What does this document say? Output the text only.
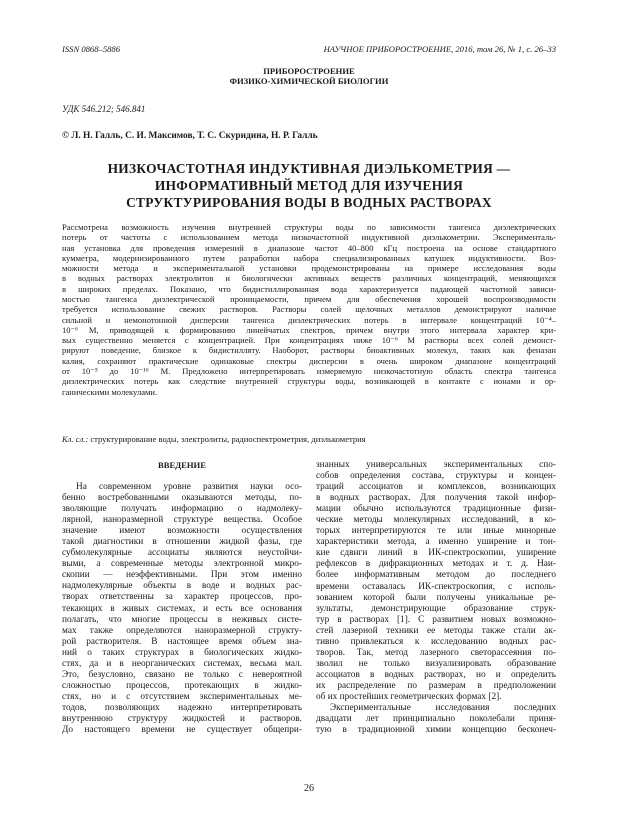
ISSN 0868–5886	НАУЧНОЕ ПРИБОРОСТРОЕНИЕ, 2016, том 26, № 1, с. 26–33
ПРИБОРОСТРОЕНИЕ
ФИЗИКО-ХИМИЧЕСКОЙ БИОЛОГИИ
УДК 546.212; 546.841
© Л. Н. Галль, С. И. Максимов, Т. С. Скуридина, Н. Р. Галль
НИЗКОЧАСТОТНАЯ ИНДУКТИВНАЯ ДИЭЛЬКОМЕТРИЯ —
ИНФОРМАТИВНЫЙ МЕТОД ДЛЯ ИЗУЧЕНИЯ
СТРУКТУРИРОВАНИЯ ВОДЫ В ВОДНЫХ РАСТВОРАХ
Рассмотрена возможность изучения внутренней структуры воды по зависимости тангенса диэлектрических
потерь от частоты с использованием метода низкочастотной индуктивной диэлькометрии. Эксперименталь-
ная установка для проведения измерений в диапазоне частот 40–800 кГц построена на основе стандартного
кумметра, модернизированного путем разработки набора специализированных катушек индуктивности. Воз-
можности метода и экспериментальной установки продемонстрированы на примере исследования воды
в водных растворах электролитов и биологически активных веществ различных концентраций, меняющихся
в широких пределах. Показано, что бидистиллированная вода характеризуется падающей частотной зависи-
мостью тангенса диэлектрической проницаемости, причем для обеспечения хорошей воспроизводимости
требуется использование свежих растворов. Растворы солей щелочных металлов демонстрируют наличие
сильной и немонотонной дисперсии тангенса диэлектрических потерь в интервале концентраций 10⁻⁴–
10⁻⁶ М, приводящей к формированию линейчатых спектров, причем внутри этого интервала характер кри-
вых существенно меняется с концентрацией. При концентрациях ниже 10⁻⁶ М растворы всех солей демонст-
рируют поведение, близкое к бидистилляту. Наоборот, растворы биоактивных молекул, таких как феназан
калия, сохраняют практические одинаковые спектры дисперсии в очень широком диапазоне концентраций
от 10⁻⁵ до 10⁻¹⁶ М. Предложено интерпретировать измеряемую низкочастотную область спектра тангенса
диэлектрических потерь как следствие внутренней структуры воды, возникающей в контакте с ионами и ор-
ганическими молекулами.
Кл. сл.: структурирование воды, электролиты, радиоспектрометрия, диэлькометрия
ВВЕДЕНИЕ
На современном уровне развития науки осо-
бенно востребованными оказываются методы, по-
зволяющие получать информацию о надмолеку-
лярной, наноразмерной структуре вещества. Особое
значение имеют возможности осуществления
такой диагностики в отношении жидкой фазы, где
субмолекулярные ассоциаты являются неустойчи-
выми, а современные методы электронной микро-
скопии — неэффективными. При этом именно
надмолекулярные объекты в воде и водных рас-
творах ответственны за характер процессов, про-
текающих в живых системах, и есть все основания
полагать, что многие процессы в неживых систе-
мах также определяются наноразмерной структу-
рой растворителя. В настоящее время объем зна-
ний о таких структурах в биологических жидко-
стях, да и в неорганических системах, весьма мал.
Это, безусловно, связано не только с невероятной
сложностью процессов, протекающих в жидко-
стях, но и с отсутствием экспериментальных ме-
тодов, позволяющих надежно интерпретировать
внутреннюю структуру жидкостей и растворов.
До настоящего времени не существует общепри-
знанных универсальных экспериментальных спо-
собов определения состава, структуры и концен-
траций ассоциатов и комплексов, возникающих
в водных растворах. Для получения такой инфор-
мации обычно используются традиционные физи-
ческие методы молекулярных исследований, в ко-
торых интерпретируются те или иные минорные
характеристики метода, а именно уширение и тон-
кие сдвиги линий в ИК-спектроскопии, уширение
рефлексов в дифракционных методах и т. д. Наи-
более информативным методом до последнего
времени оставалась ИК-спектроскопия, с исполь-
зованием которой были получены уникальные ре-
зультаты, демонстрирующие образование струк-
тур в растворах [1]. С развитием новых возможно-
стей лазерной техники ее методы также стали ак-
тивно привлекаться к исследованию водных рас-
творов. Так, метод лазерного светорассеяния по-
зволил не только визуализировать образование
ассоциатов в водных растворах, но и определить
их распределение по размерам в предположении
об их простейших геометрических формах [2].
Экспериментальные исследования последних
двадцати лет принципиально поколебали приня-
тую в традиционной химии концепцию бесконеч-
26
